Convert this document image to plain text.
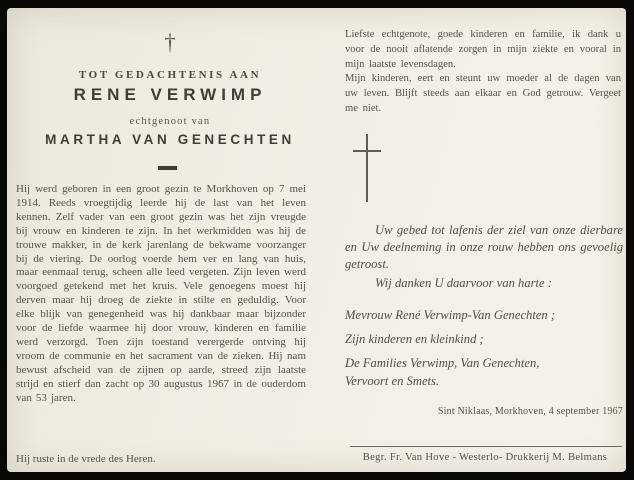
†
TOT GEDACHTENIS AAN
RENE VERWIMP
echtgenoot van
MARTHA VAN GENECHTEN
Hij werd geboren in een groot gezin te Morkhoven op 7 mei 1914. Reeds vroegtijdig leerde hij de last van het leven kennen. Zelf vader van een groot gezin was het zijn vreugde bij vrouw en kinderen te zijn. In het werkmidden was hij de trouwe makker, in de kerk jarenlang de bekwame voorzanger bij de viering. De oorlog voerde hem ver en lang van huis, maar eenmaal terug, scheen alle leed vergeten. Zijn leven werd voorgoed getekend met het kruis. Vele genoegens moest hij derven maar hij droeg de ziekte in stilte en geduldig. Voor elke blijk van genegenheid was hij dankbaar maar bijzonder voor de liefde waarmee hij door vrouw, kinderen en familie werd verzorgd. Toen zijn toestand verergerde ontving hij vroom de communie en het sacrament van de zieken. Hij nam bewust afscheid van de zijnen op aarde, streed zijn laatste strijd en stierf dan zacht op 30 augustus 1967 in de ouderdom van 53 jaren.
Hij ruste in de vrede des Heren.
Liefste echtgenote, goede kinderen en familie, ik dank u voor de nooit aflatende zorgen in mijn ziekte en vooral in mijn laatste levensdagen.
Mijn kinderen, eert en steunt uw moeder al de dagen van uw leven. Blijft steeds aan elkaar en God getrouw. Vergeet me niet.
Uw gebed tot lafenis der ziel van onze dierbare en Uw deelneming in onze rouw hebben ons gevoelig getroost.
Wij danken U daarvoor van harte :
Mevrouw René Verwimp-Van Genechten ;
Zijn kinderen en kleinkind ;
De Families Verwimp, Van Genechten,
Vervoort en Smets.
Sint Niklaas, Morkhoven, 4 september 1967
Begr. Fr. Van Hove - Westerlo- Drukkerij M. Belmans
